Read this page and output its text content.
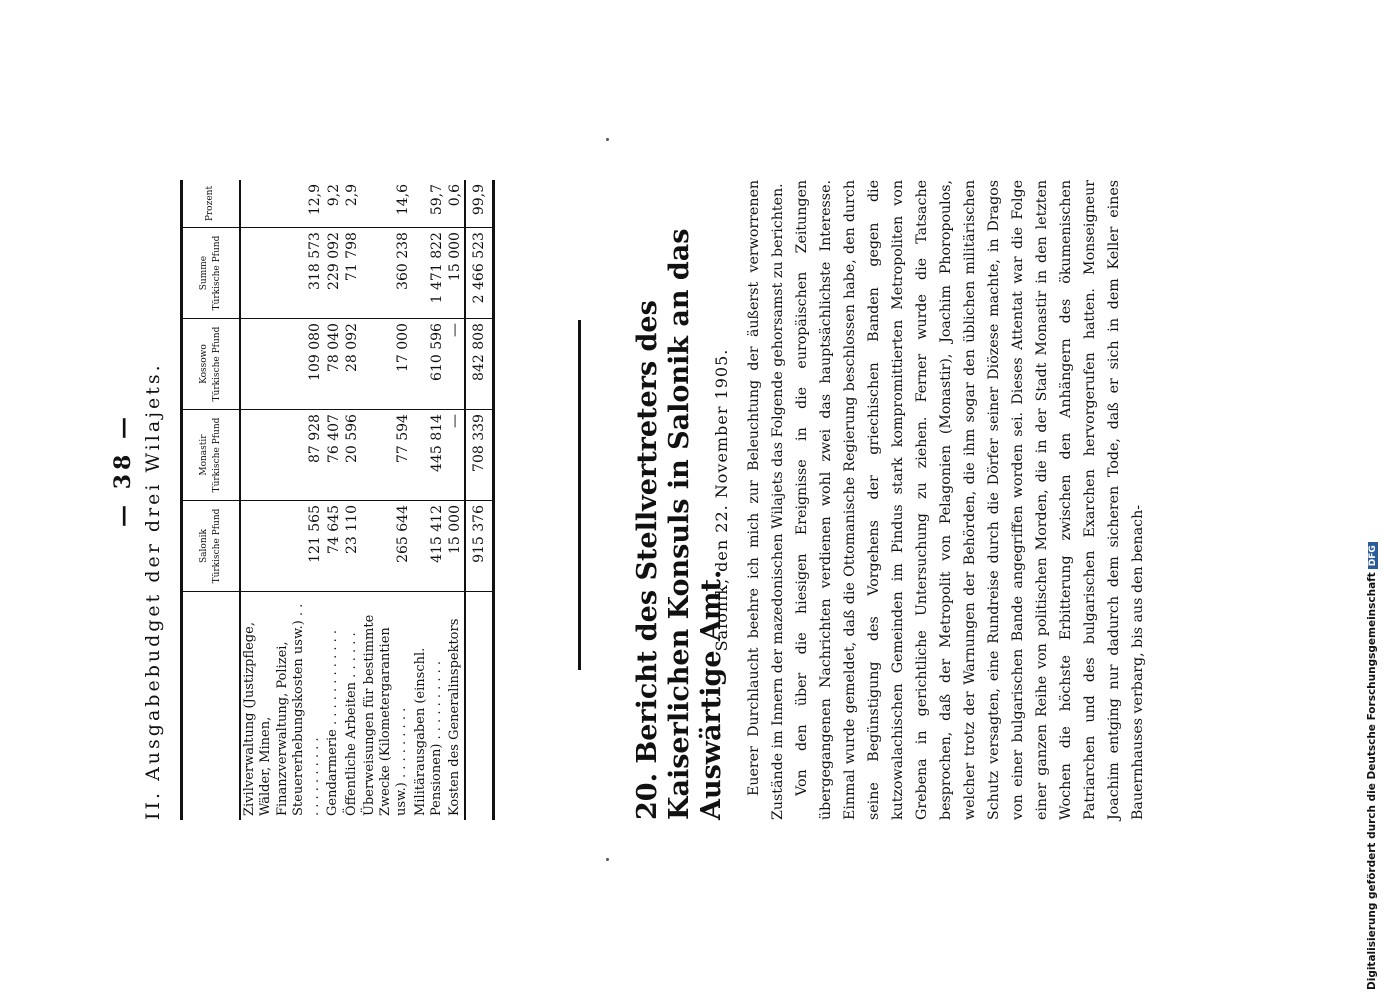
— 38 — II. Ausgabebudget der drei Wilajets.
		Salonik Türkische Pfund	Monastir Türkische Pfund	Kossowo Türkische Pfund	Summe Türkische Pfund	Prozent
Zivilverwaltung (Justizpflege, Wälder, Minen, Finanzverwaltung, Polizei, Steuererhebungskosten usw.) . . . . . . . . . . . .	121 565	87 928	109 080	318 573	12,9
Gendarmerie . . . . . . . . . . . .	74 645	76 407	78 040	229 092	9,2
Öffentliche Arbeiten . . . . . .	23 110	20 596	28 092	71 798	2,9
Überweisungen für bestimmte Zwecke (Kilometergarantien usw.) . . . . . . . . .	265 644	77 594	17 000	360 238	14,6
Militärausgaben (einschl. Pensionen) . . . . . . . . . .	415 412	445 814	610 596	1 471 822	59,7
Kosten des Generalinspektors	15 000	—	—	15 000	0,6
	915 376	708 339	842 808	2 466 523	99,9
20. Bericht des Stellvertreters des Kaiserlichen Konsuls in Salonik an das Auswärtige Amt.
Salonik, den 22. November 1905. Euerer Durchlaucht beehre ich mich zur Beleuchtung der äußerst verworrenen Zustände im Innern der mazedonischen Wilajets das Folgende gehorsamst zu berichten. Von den über die hiesigen Ereignisse in die europäischen Zeitungen übergegangenen Nachrichten verdienen wohl zwei das hauptsächlichste Interesse. Einmal wurde gemeldet, daß die Ottomanische Regierung beschlossen habe, den durch seine Begünstigung des Vorgehens der griechischen Banden gegen die kutzowalachischen Gemeinden im Pindus stark kompromittierten Metropoliten von Grebena in gerichtliche Untersuchung zu ziehen. Ferner wurde die Tatsache besprochen, daß der Metropolit von Pelagonien (Monastir), Joachim Phoropoulos, welcher trotz der Warnungen der Behörden, die ihm sogar den üblichen militärischen Schutz versagten, eine Rundreise durch die Dörfer seiner Diözese machte, in Dragos von einer bulgarischen Bande angegriffen worden sei. Dieses Attentat war die Folge einer ganzen Reihe von politischen Morden, die in der Stadt Monastir in den letzten Wochen die höchste Erbitterung zwischen den Anhängern des ökumenischen Patriarchen und des bulgarischen Exarchen hervorgerufen hatten. Monseigneur Joachim entging nur dadurch dem sicheren Tode, daß er sich in dem Keller eines Bauernhauses verbarg, bis aus den benach-	Digitalisierung gefördert durch die Deutsche ForschungsgemeinschaftDFG
